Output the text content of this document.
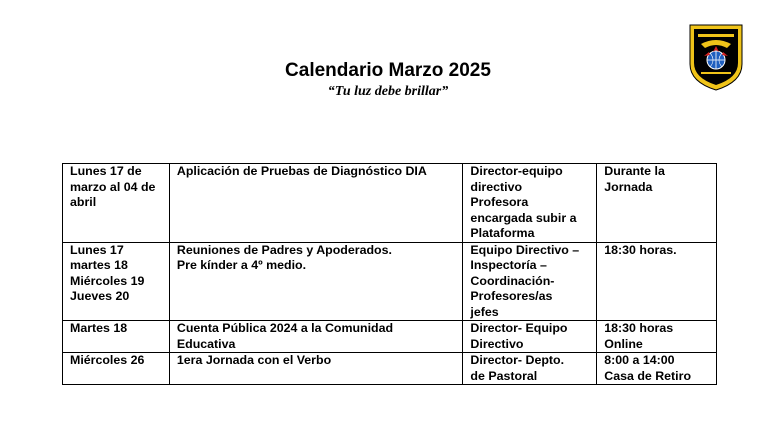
Calendario Marzo 2025

“Tu luz debe brillar”

Lunes 17 de
marzo al 04 de
abril	Aplicación de Pruebas de Diagnóstico DIA	Director-equipo
directivo
Profesora
encargada subir a
Plataforma	Durante la
Jornada

Lunes 17
martes 18
Miércoles 19
Jueves 20	Reuniones de Padres y Apoderados.
Pre kínder a 4º medio.	Equipo Directivo –
Inspectoría –
Coordinación-
Profesores/as
jefes	18:30 horas.

Martes 18	Cuenta Pública 2024 a la Comunidad
Educativa	Director- Equipo
Directivo	18:30 horas
Online

Miércoles 26	1era Jornada con el Verbo	Director- Depto.
de Pastoral	8:00 a 14:00
Casa de Retiro
